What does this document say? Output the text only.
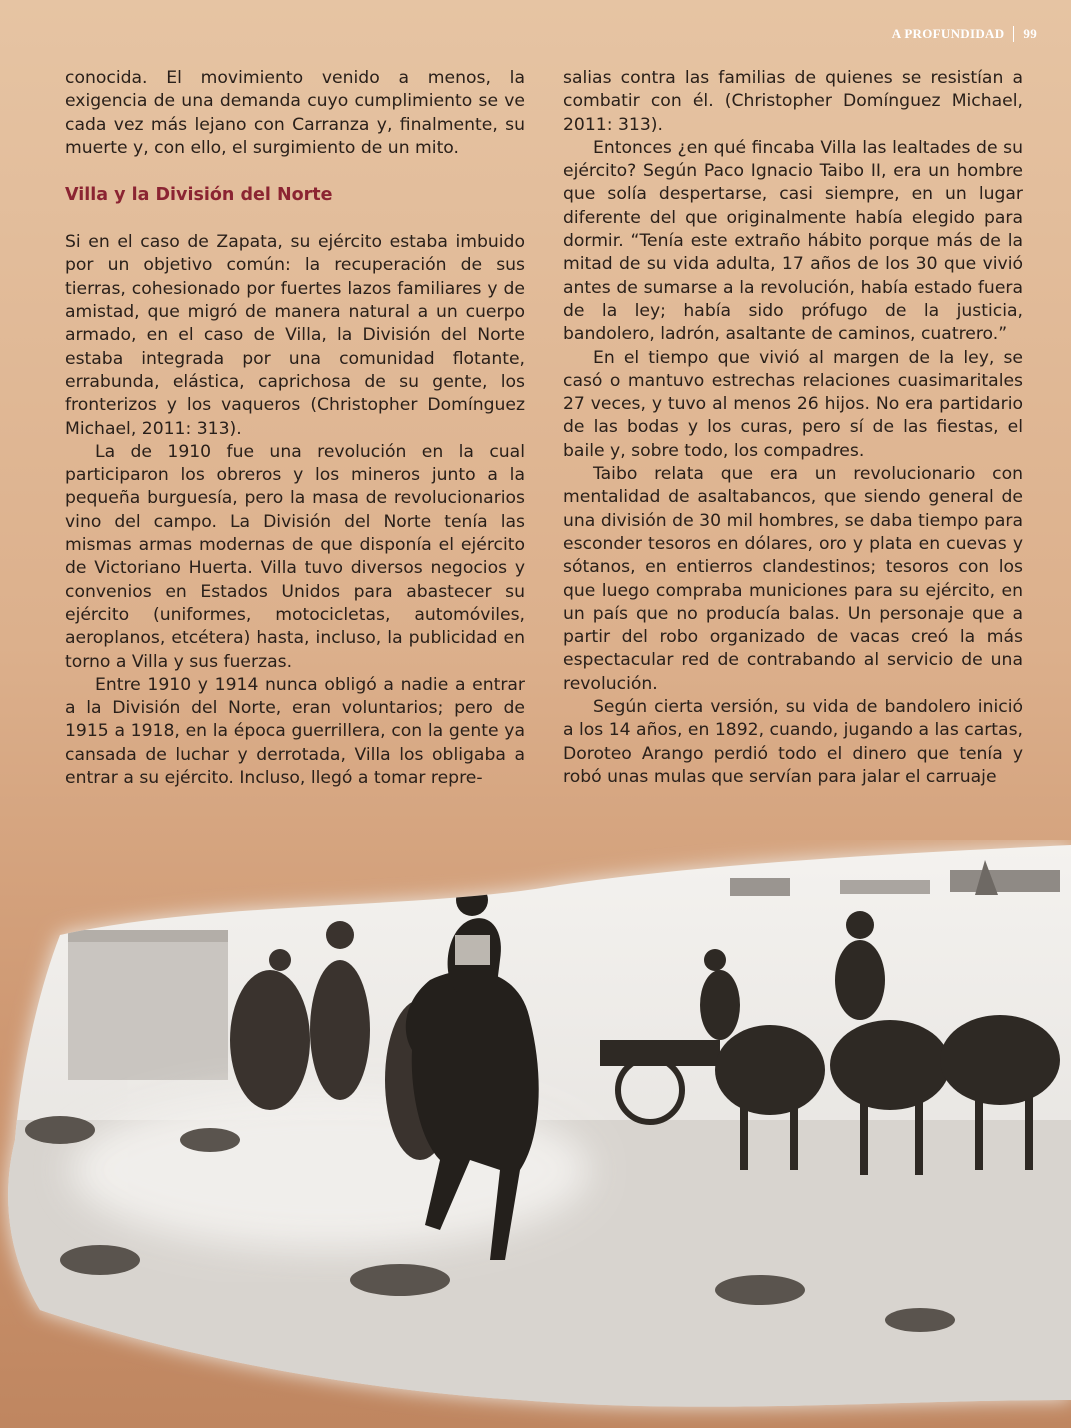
A PROFUNDIDAD 99

conocida. El movimiento venido a menos, la exigencia de una demanda cuyo cumplimiento se ve cada vez más lejano con Carranza y, finalmente, su muerte y, con ello, el surgimiento de un mito.

Villa y la División del Norte

Si en el caso de Zapata, su ejército estaba imbuido por un objetivo común: la recuperación de sus tierras, cohesionado por fuertes lazos familiares y de amistad, que migró de manera natural a un cuerpo armado, en el caso de Villa, la División del Norte estaba integrada por una comunidad flotante, errabunda, elástica, caprichosa de su gente, los fronterizos y los vaqueros (Christopher Domínguez Michael, 2011: 313).

La de 1910 fue una revolución en la cual participaron los obreros y los mineros junto a la pequeña burguesía, pero la masa de revolucionarios vino del campo. La División del Norte tenía las mismas armas modernas de que disponía el ejército de Victoriano Huerta. Villa tuvo diversos negocios y convenios en Estados Unidos para abastecer su ejército (uniformes, motocicletas, automóviles, aeroplanos, etcétera) hasta, incluso, la publicidad en torno a Villa y sus fuerzas.

Entre 1910 y 1914 nunca obligó a nadie a entrar a la División del Norte, eran voluntarios; pero de 1915 a 1918, en la época guerrillera, con la gente ya cansada de luchar y derrotada, Villa los obligaba a entrar a su ejército. Incluso, llegó a tomar repre-

salias contra las familias de quienes se resistían a combatir con él. (Christopher Domínguez Michael, 2011: 313).

Entonces ¿en qué fincaba Villa las lealtades de su ejército? Según Paco Ignacio Taibo II, era un hombre que solía despertarse, casi siempre, en un lugar diferente del que originalmente había elegido para dormir. “Tenía este extraño hábito porque más de la mitad de su vida adulta, 17 años de los 30 que vivió antes de sumarse a la revolución, había estado fuera de la ley; había sido prófugo de la justicia, bandolero, ladrón, asaltante de caminos, cuatrero.”

En el tiempo que vivió al margen de la ley, se casó o mantuvo estrechas relaciones cuasimaritales 27 veces, y tuvo al menos 26 hijos. No era partidario de las bodas y los curas, pero sí de las fiestas, el baile y, sobre todo, los compadres.

Taibo relata que era un revolucionario con mentalidad de asaltabancos, que siendo general de una división de 30 mil hombres, se daba tiempo para esconder tesoros en dólares, oro y plata en cuevas y sótanos, en entierros clandestinos; tesoros con los que luego compraba municiones para su ejército, en un país que no producía balas. Un personaje que a partir del robo organizado de vacas creó la más espectacular red de contrabando al servicio de una revolución.

Según cierta versión, su vida de bandolero inició a los 14 años, en 1892, cuando, jugando a las cartas, Doroteo Arango perdió todo el dinero que tenía y robó unas mulas que servían para jalar el carruaje
